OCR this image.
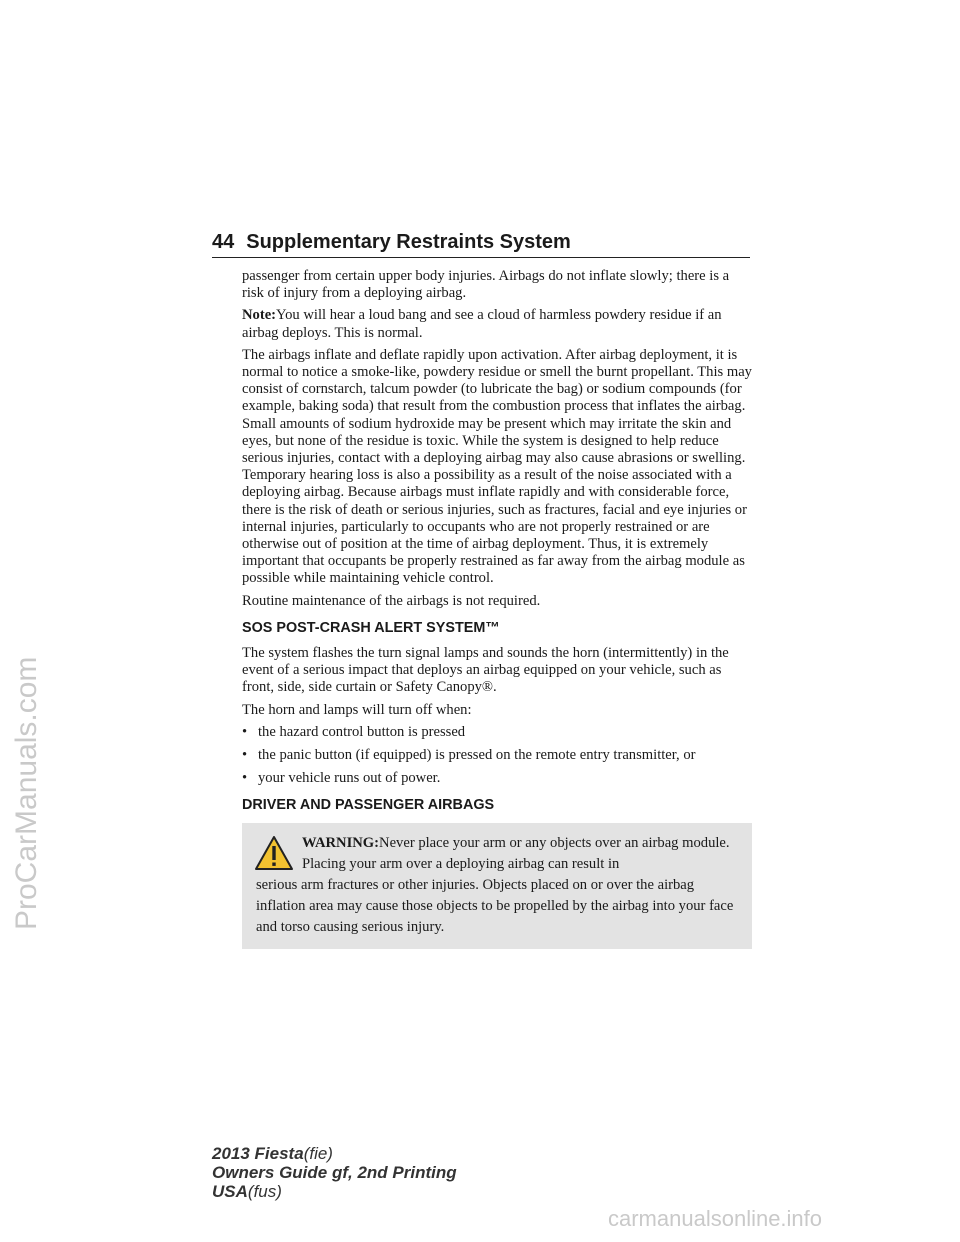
ProCarManuals.com
carmanualsonline.info
44 Supplementary Restraints System

passenger from certain upper body injuries. Airbags do not inflate slowly; there is a risk of injury from a deploying airbag.

Note:You will hear a loud bang and see a cloud of harmless powdery residue if an airbag deploys. This is normal.

The airbags inflate and deflate rapidly upon activation. After airbag deployment, it is normal to notice a smoke-like, powdery residue or smell the burnt propellant. This may consist of cornstarch, talcum powder (to lubricate the bag) or sodium compounds (for example, baking soda) that result from the combustion process that inflates the airbag. Small amounts of sodium hydroxide may be present which may irritate the skin and eyes, but none of the residue is toxic. While the system is designed to help reduce serious injuries, contact with a deploying airbag may also cause abrasions or swelling. Temporary hearing loss is also a possibility as a result of the noise associated with a deploying airbag. Because airbags must inflate rapidly and with considerable force, there is the risk of death or serious injuries, such as fractures, facial and eye injuries or internal injuries, particularly to occupants who are not properly restrained or are otherwise out of position at the time of airbag deployment. Thus, it is extremely important that occupants be properly restrained as far away from the airbag module as possible while maintaining vehicle control.

Routine maintenance of the airbags is not required.

SOS POST-CRASH ALERT SYSTEM™

The system flashes the turn signal lamps and sounds the horn (intermittently) in the event of a serious impact that deploys an airbag equipped on your vehicle, such as front, side, side curtain or Safety Canopy®.

The horn and lamps will turn off when:

• the hazard control button is pressed
• the panic button (if equipped) is pressed on the remote entry transmitter, or
• your vehicle runs out of power.
DRIVER AND PASSENGER AIRBAGS
WARNING:Never place your arm or any objects over an airbag module. Placing your arm over a deploying airbag can result in
serious arm fractures or other injuries. Objects placed on or over the airbag inflation area may cause those objects to be propelled by the airbag into your face and torso causing serious injury.
2013 Fiesta(fie)
Owners Guide gf, 2nd Printing
USA(fus)
